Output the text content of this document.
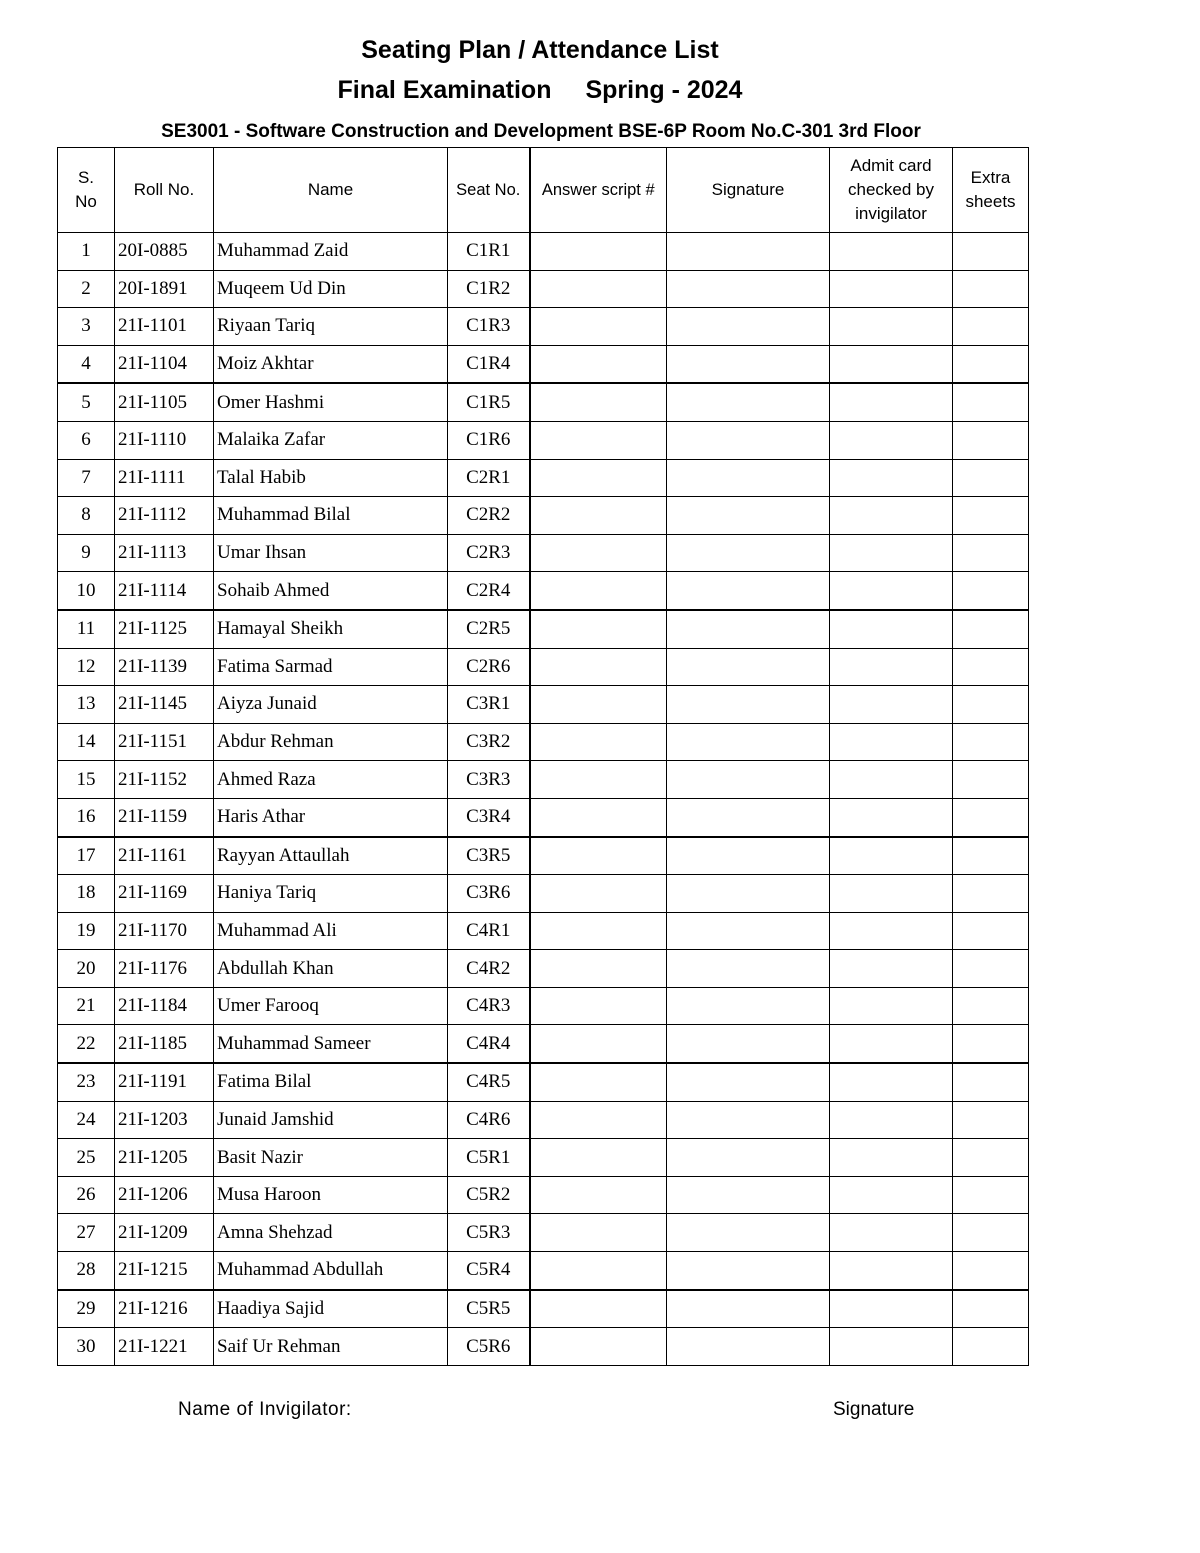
Seating Plan / Attendance List
Final Examination Spring - 2024
SE3001 - Software Construction and Development BSE-6P Room No.C-301 3rd Floor
S. No	Roll No.	Name	Seat No.	Answer script #	Signature	Admit card checked by invigilator	Extra sheets

1	20I-0885	Muhammad Zaid	C1R1				
2	20I-1891	Muqeem Ud Din	C1R2				
3	21I-1101	Riyaan Tariq	C1R3				
4	21I-1104	Moiz Akhtar	C1R4				
5	21I-1105	Omer Hashmi	C1R5				
6	21I-1110	Malaika Zafar	C1R6				
7	21I-1111	Talal Habib	C2R1				
8	21I-1112	Muhammad Bilal	C2R2				
9	21I-1113	Umar Ihsan	C2R3				
10	21I-1114	Sohaib Ahmed	C2R4				
11	21I-1125	Hamayal Sheikh	C2R5				
12	21I-1139	Fatima Sarmad	C2R6				
13	21I-1145	Aiyza Junaid	C3R1				
14	21I-1151	Abdur Rehman	C3R2				
15	21I-1152	Ahmed Raza	C3R3				
16	21I-1159	Haris Athar	C3R4				
17	21I-1161	Rayyan Attaullah	C3R5				
18	21I-1169	Haniya Tariq	C3R6				
19	21I-1170	Muhammad Ali	C4R1				
20	21I-1176	Abdullah Khan	C4R2				
21	21I-1184	Umer Farooq	C4R3				
22	21I-1185	Muhammad Sameer	C4R4				
23	21I-1191	Fatima Bilal	C4R5				
24	21I-1203	Junaid Jamshid	C4R6				
25	21I-1205	Basit Nazir	C5R1				
26	21I-1206	Musa Haroon	C5R2				
27	21I-1209	Amna Shehzad	C5R3				
28	21I-1215	Muhammad Abdullah	C5R4				
29	21I-1216	Haadiya Sajid	C5R5				
30	21I-1221	Saif Ur Rehman	C5R6				
Name of Invigilator:	Signature
